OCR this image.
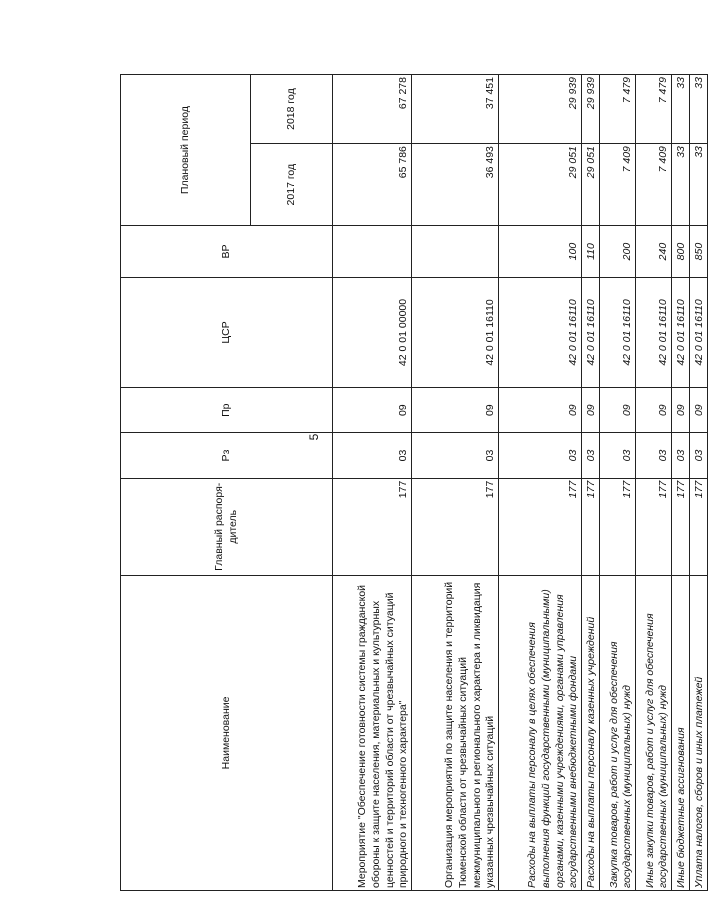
5
Наименование	Главный распоря-дитель	Рз	Пр	ЦСР	ВР	Плановый период	
						2017 год	2018 год
Мероприятие "Обеспечение готовности системы гражданской обороны к защите населения, материальных и культурных ценностей и территорий области от чрезвычайных ситуаций природного и техногенного характера"	177	03	09	42 0 01 00000		65 786	67 278
Организация мероприятий по защите населения и территорий Тюменской области от чрезвычайных ситуаций межмуниципального и регионального характера и ликвидация указанных чрезвычайных ситуаций	177	03	09	42 0 01 16110		36 493	37 451
Расходы на выплаты персоналу в целях обеспечения выполнения функций государственными (муниципальными) органами, казенными учреждениями, органами управления государственными внебюджетными фондами	177	03	09	42 0 01 16110	100	29 051	29 939
Расходы на выплаты персоналу казенных учреждений	177	03	09	42 0 01 16110	110	29 051	29 939
Закупка товаров, работ и услуг для обеспечения государственных (муниципальных) нужд	177	03	09	42 0 01 16110	200	7 409	7 479
Иные закупки товаров, работ и услуг для обеспечения государственных (муниципальных) нужд	177	03	09	42 0 01 16110	240	7 409	7 479
Иные бюджетные ассигнования	177	03	09	42 0 01 16110	800	33	33
Уплата налогов, сборов и иных платежей	177	03	09	42 0 01 16110	850	33	33
